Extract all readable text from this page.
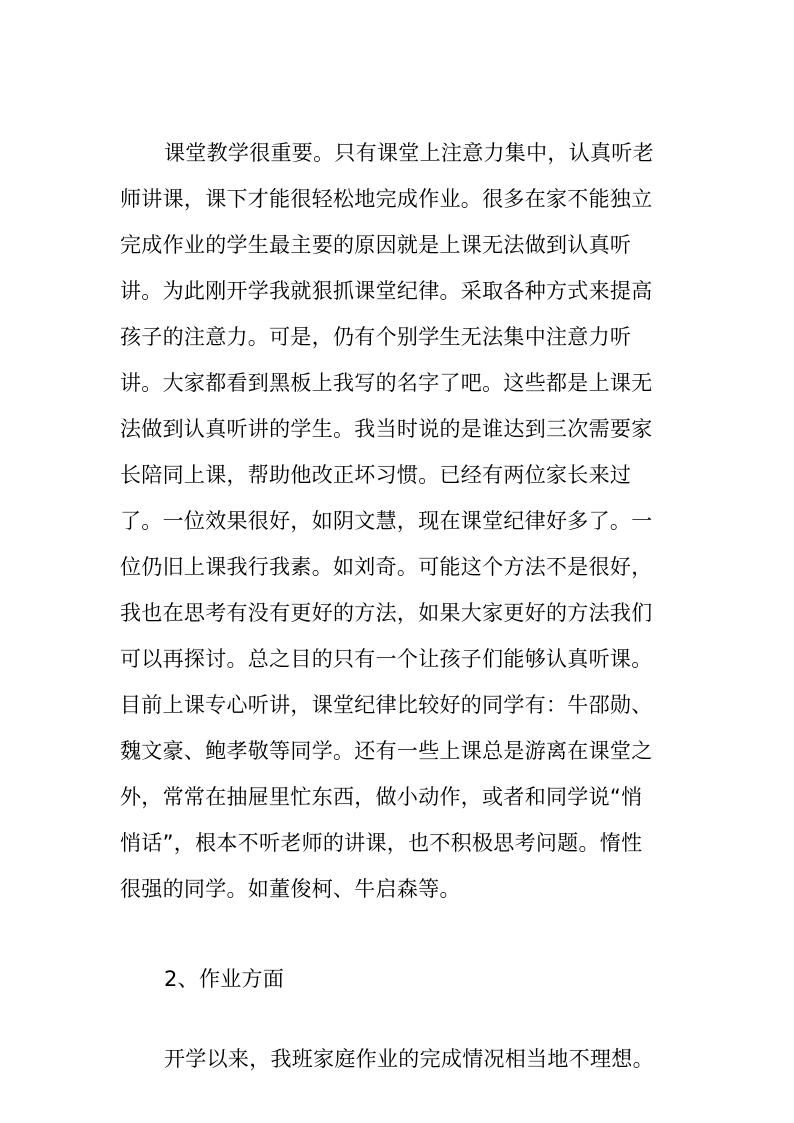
课堂教学很重要。只有课堂上注意力集中，认真听老
师讲课，课下才能很轻松地完成作业。很多在家不能独立
完成作业的学生最主要的原因就是上课无法做到认真听
讲。为此刚开学我就狠抓课堂纪律。采取各种方式来提高
孩子的注意力。可是，仍有个别学生无法集中注意力听
讲。大家都看到黑板上我写的名字了吧。这些都是上课无
法做到认真听讲的学生。我当时说的是谁达到三次需要家
长陪同上课，帮助他改正坏习惯。已经有两位家长来过
了。一位效果很好，如阴文慧，现在课堂纪律好多了。一
位仍旧上课我行我素。如刘奇。可能这个方法不是很好，
我也在思考有没有更好的方法，如果大家更好的方法我们
可以再探讨。总之目的只有一个让孩子们能够认真听课。
目前上课专心听讲，课堂纪律比较好的同学有：牛邵勋、
魏文豪、鲍孝敬等同学。还有一些上课总是游离在课堂之
外，常常在抽屉里忙东西，做小动作，或者和同学说“悄
悄话”，根本不听老师的讲课，也不积极思考问题。惰性
很强的同学。如董俊柯、牛启森等。
2、作业方面
开学以来，我班家庭作业的完成情况相当地不理想。
